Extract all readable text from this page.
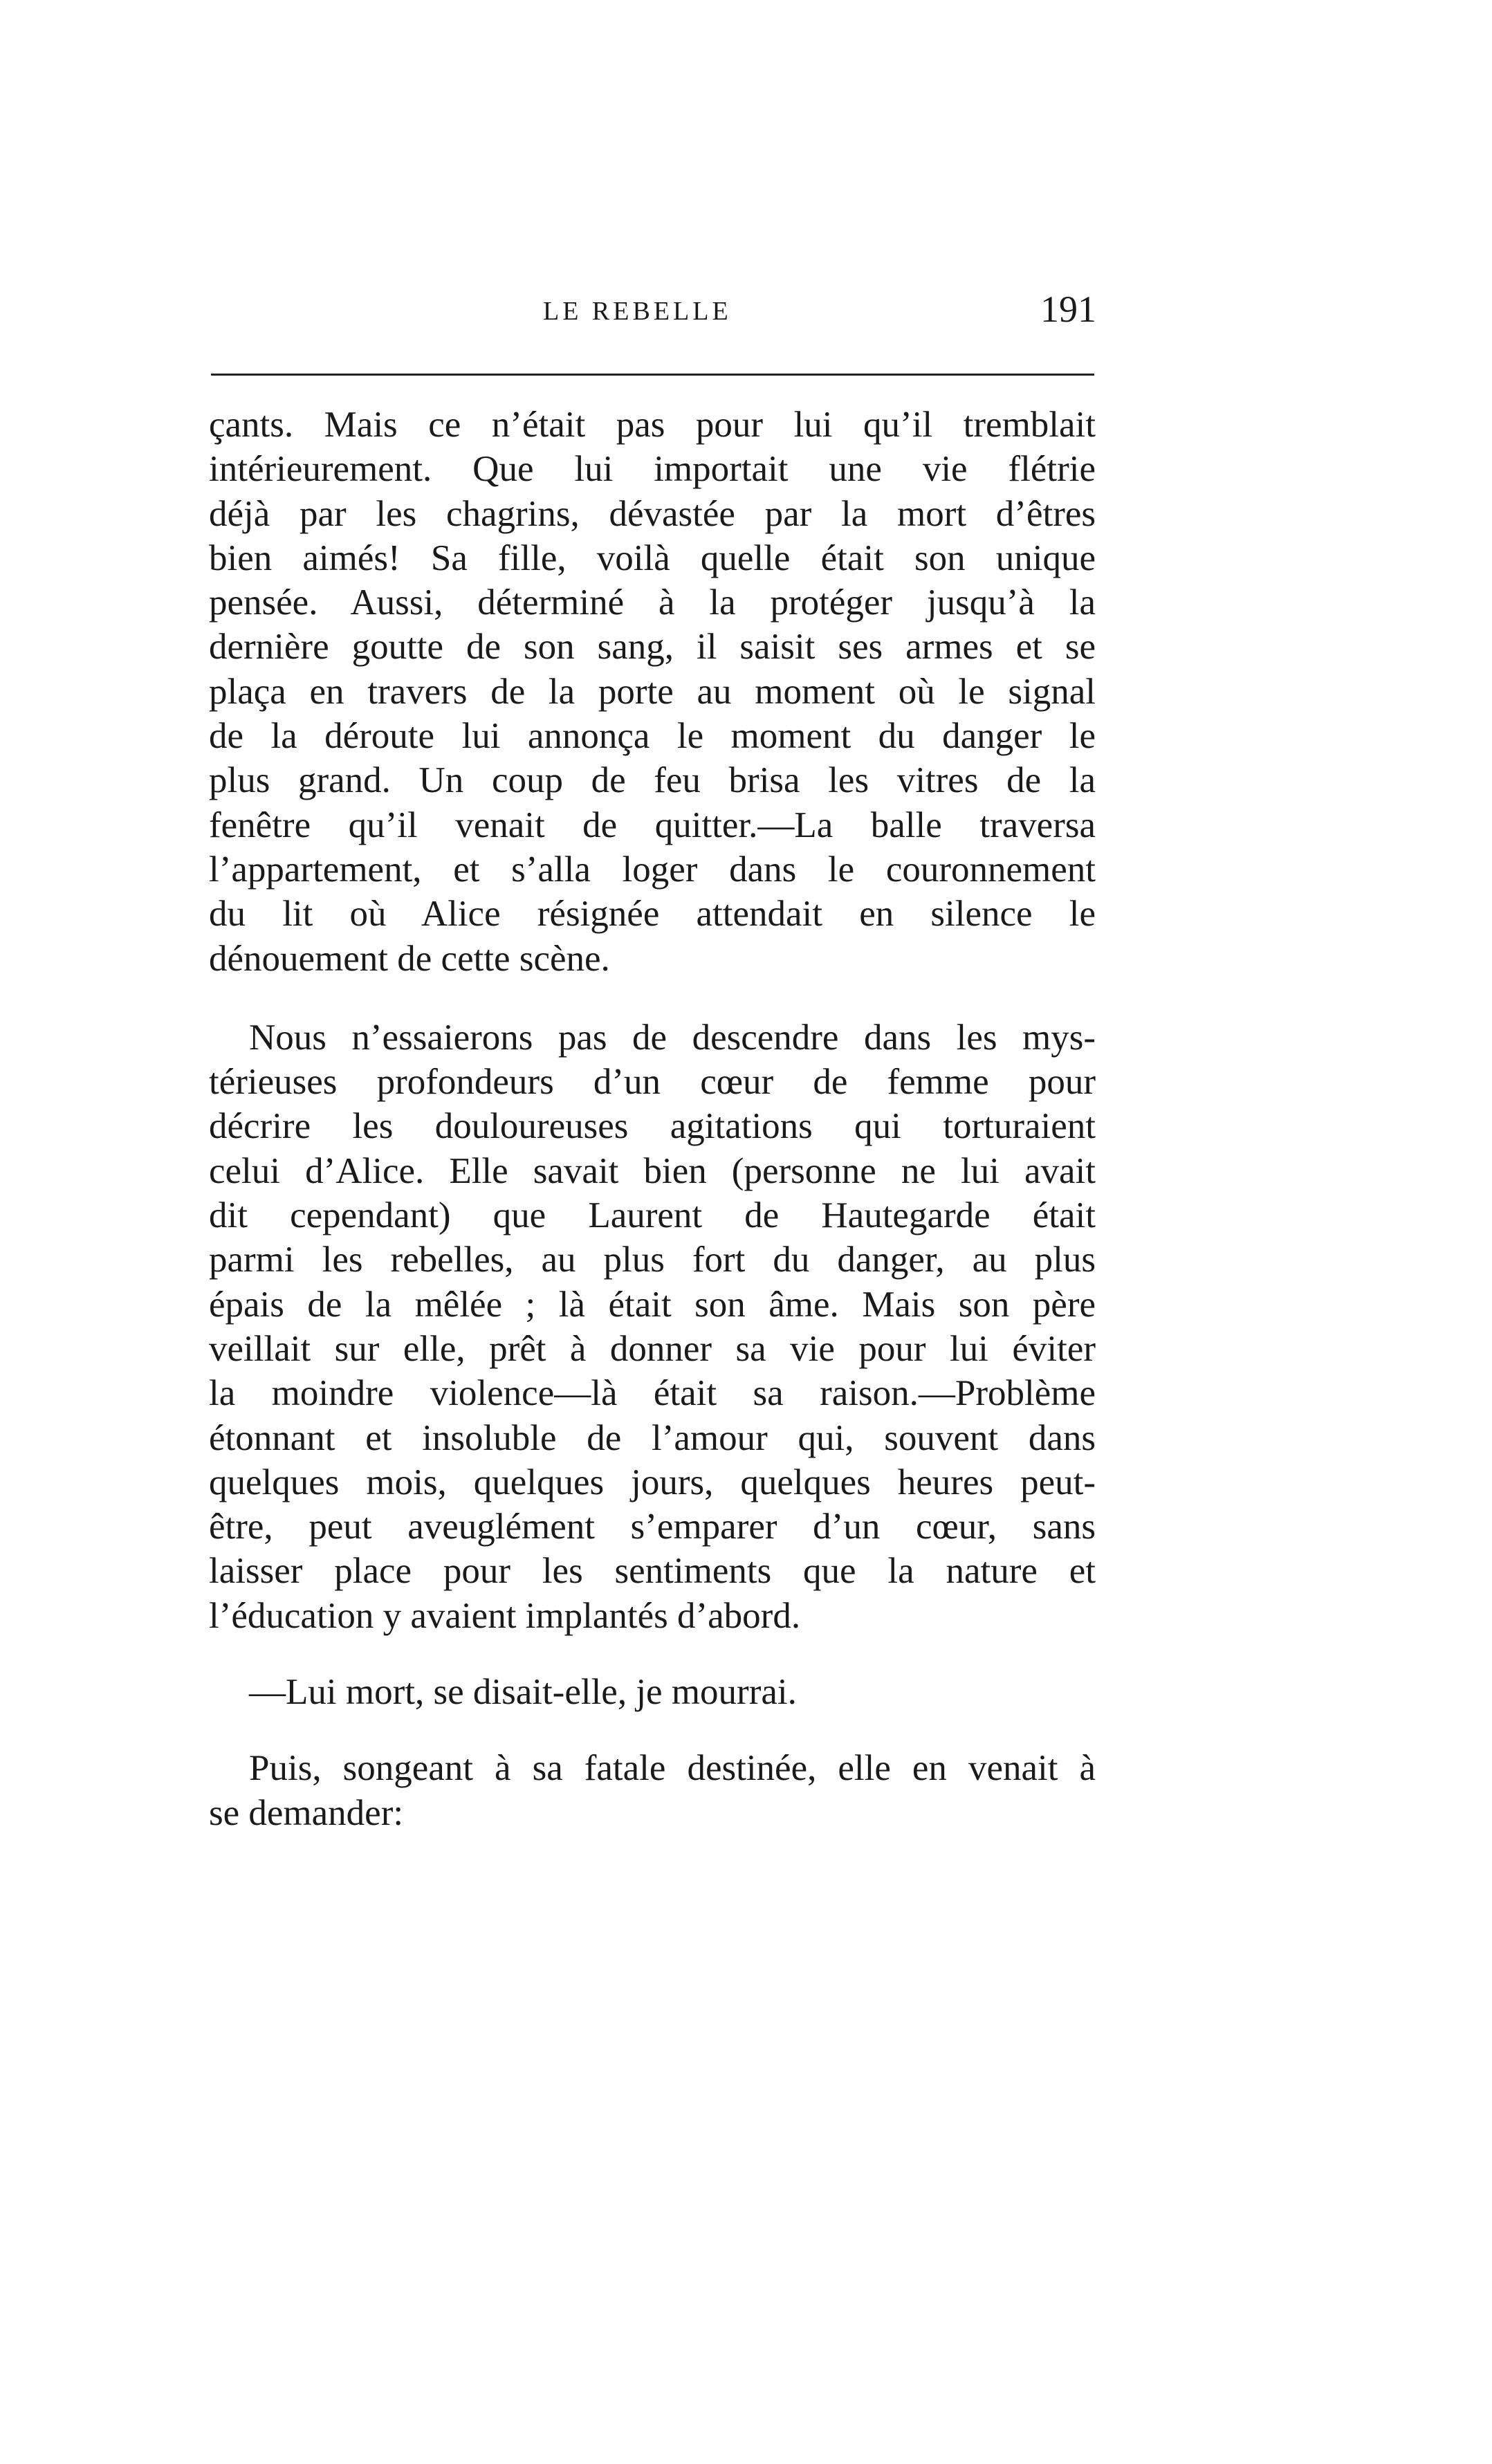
LE REBELLE	191

çants. Mais ce n’était pas pour lui qu’il tremblait
intérieurement. Que lui importait une vie flétrie
déjà par les chagrins, dévastée par la mort d’êtres
bien aimés! Sa fille, voilà quelle était son unique
pensée. Aussi, déterminé à la protéger jusqu’à la
dernière goutte de son sang, il saisit ses armes et se
plaça en travers de la porte au moment où le signal
de la déroute lui annonça le moment du danger le
plus grand. Un coup de feu brisa les vitres de la
fenêtre qu’il venait de quitter.—La balle traversa
l’appartement, et s’alla loger dans le couronnement
du lit où Alice résignée attendait en silence le
dénouement de cette scène.

Nous n’essaierons pas de descendre dans les mys-
térieuses profondeurs d’un cœur de femme pour
décrire les douloureuses agitations qui torturaient
celui d’Alice. Elle savait bien (personne ne lui avait
dit cependant) que Laurent de Hautegarde était
parmi les rebelles, au plus fort du danger, au plus
épais de la mêlée ; là était son âme. Mais son père
veillait sur elle, prêt à donner sa vie pour lui éviter
la moindre violence—là était sa raison.—Problème
étonnant et insoluble de l’amour qui, souvent dans
quelques mois, quelques jours, quelques heures peut-
être, peut aveuglément s’emparer d’un cœur, sans
laisser place pour les sentiments que la nature et
l’éducation y avaient implantés d’abord.

—Lui mort, se disait-elle, je mourrai.

Puis, songeant à sa fatale destinée, elle en venait à
se demander:
